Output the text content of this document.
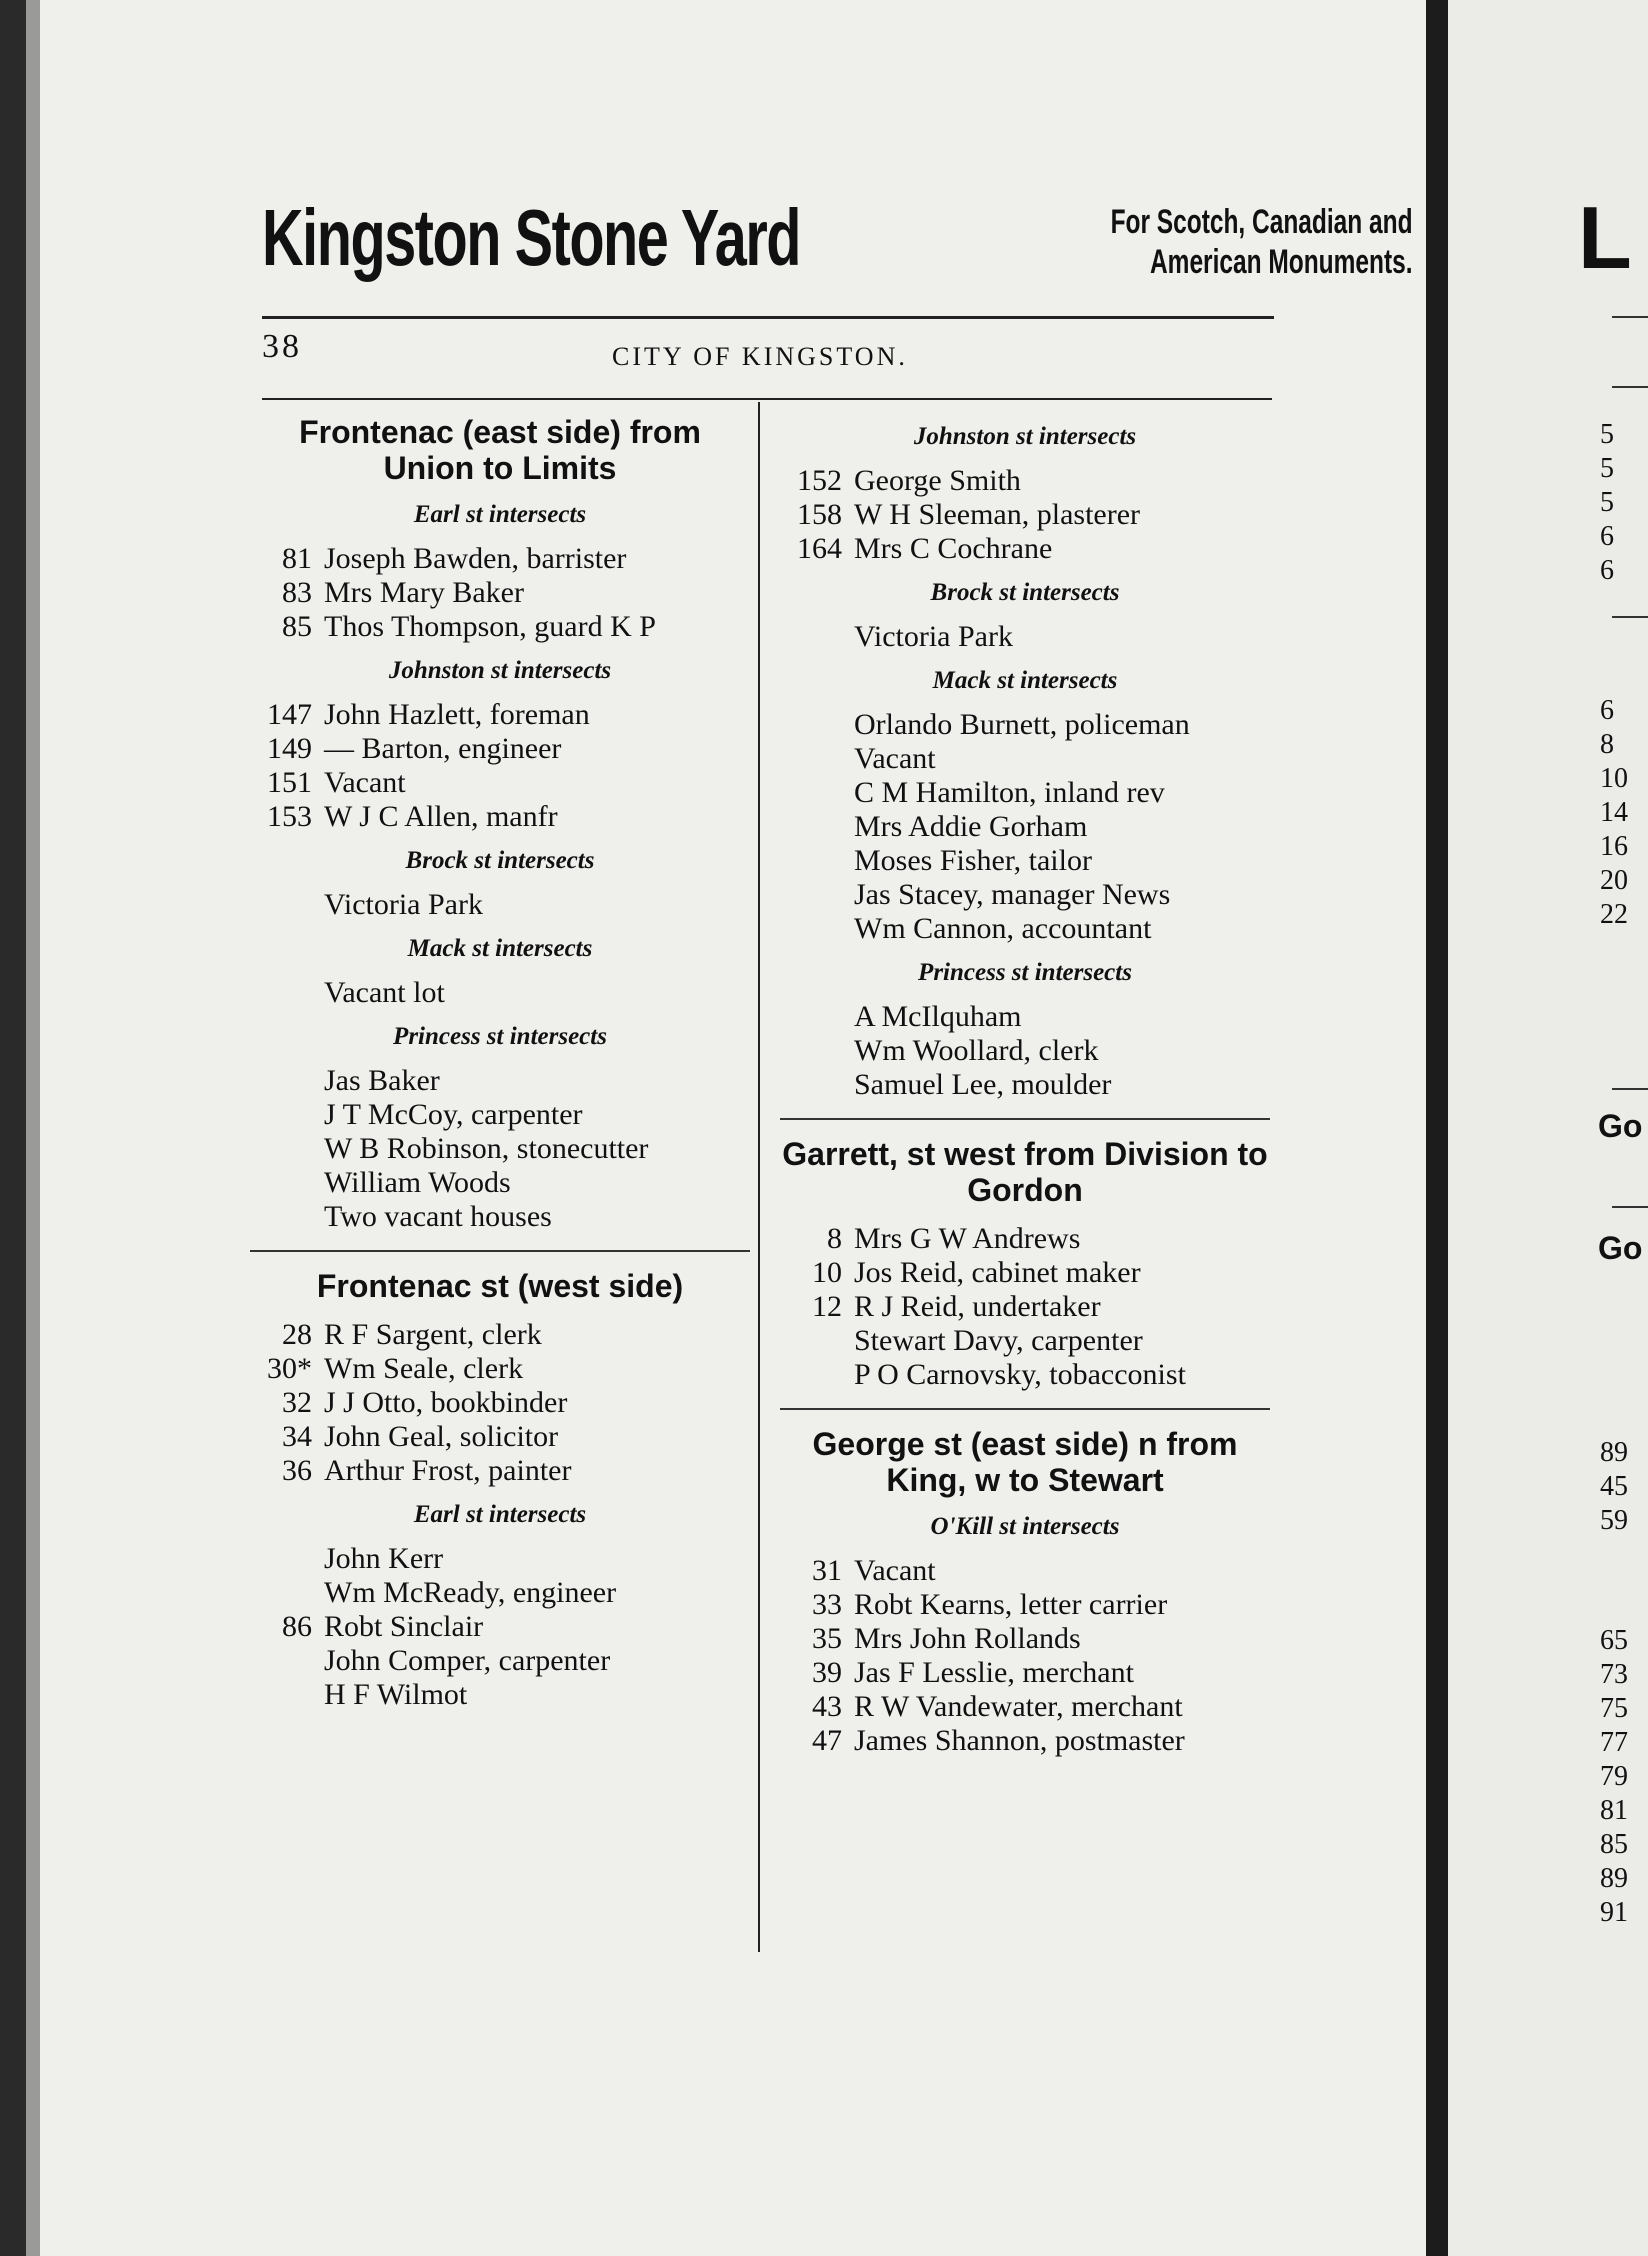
Kingston Stone Yard	For Scotch, Canadian and
American Monuments.
38	CITY OF KINGSTON.
Frontenac (east side) from Union to Limits
Earl st intersects
81 Joseph Bawden, barrister
83 Mrs Mary Baker
85 Thos Thompson, guard K P
Johnston st intersects
147 John Hazlett, foreman
149 — Barton, engineer
151 Vacant
153 W J C Allen, manfr
Brock st intersects
Victoria Park
Mack st intersects
Vacant lot
Princess st intersects
Jas Baker
J T McCoy, carpenter
W B Robinson, stonecutter
William Woods
Two vacant houses
Frontenac st (west side)
28 R F Sargent, clerk
30* Wm Seale, clerk
32 J J Otto, bookbinder
34 John Geal, solicitor
36 Arthur Frost, painter
Earl st intersects
John Kerr
Wm McReady, engineer
86 Robt Sinclair
John Comper, carpenter
H F Wilmot
Johnston st intersects
152 George Smith
158 W H Sleeman, plasterer
164 Mrs C Cochrane
Brock st intersects
Victoria Park
Mack st intersects
Orlando Burnett, policeman
Vacant
C M Hamilton, inland rev
Mrs Addie Gorham
Moses Fisher, tailor
Jas Stacey, manager News
Wm Cannon, accountant
Princess st intersects
A McIlquham
Wm Woollard, clerk
Samuel Lee, moulder
Garrett, st west from Division to Gordon
8 Mrs G W Andrews
10 Jos Reid, cabinet maker
12 R J Reid, undertaker
Stewart Davy, carpenter
P O Carnovsky, tobacconist
George st (east side) n from King, w to Stewart
O'Kill st intersects
31 Vacant
33 Robt Kearns, letter carrier
35 Mrs John Rollands
39 Jas F Lesslie, merchant
43 R W Vandewater, merchant
47 James Shannon, postmaster
L
5
5
5
6
6
6
8
10
14
16
20
22
89
45
59
65
73
75
77
79
81
85
89
91
Go
Go
